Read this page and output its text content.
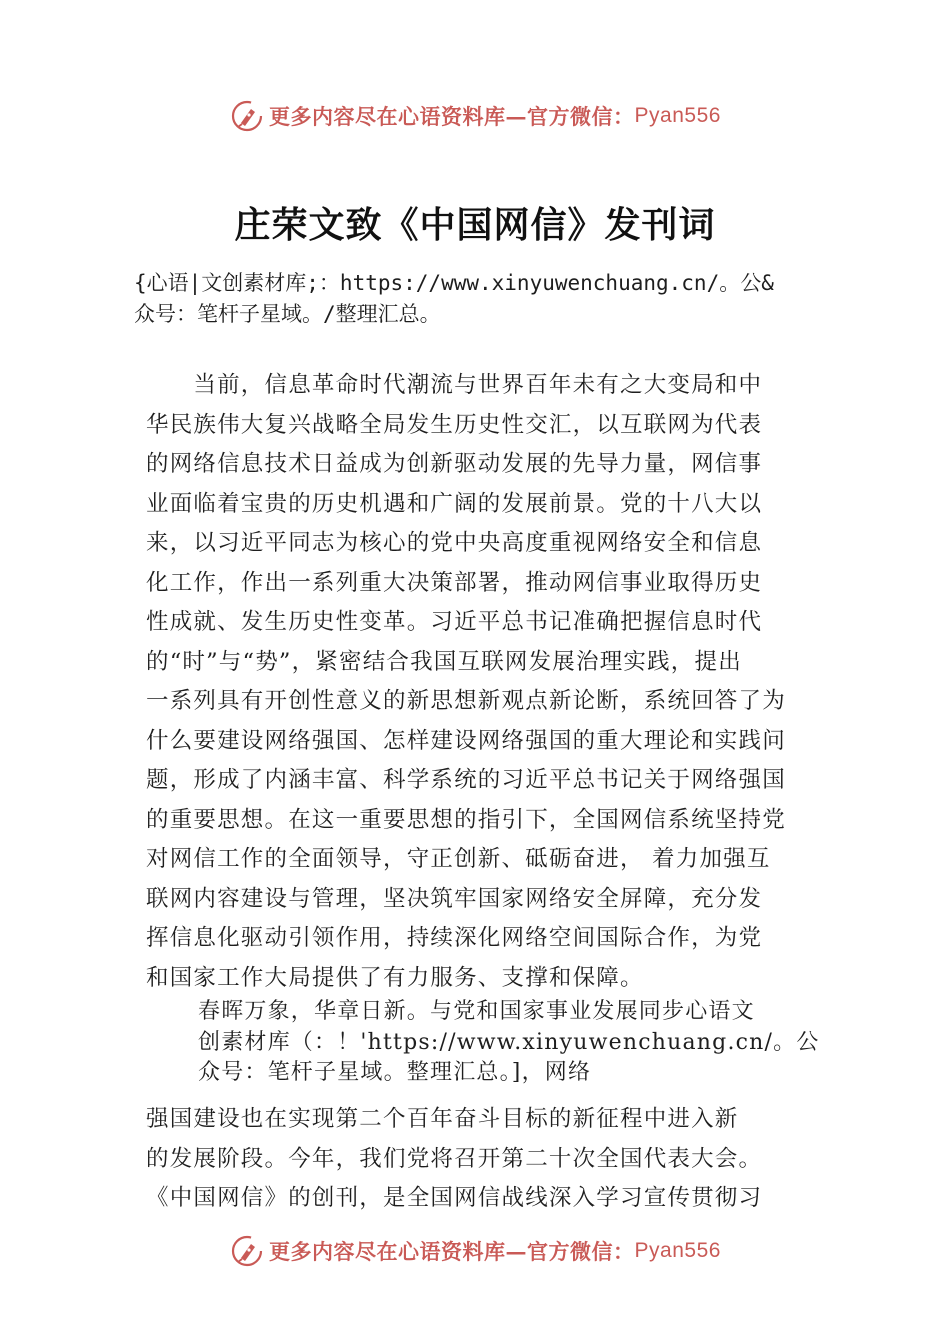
更多内容尽在心语资料库—官方微信： Pyan556
庄荣文致《中国网信》发刊词
{心语|文创素材库;：https://www.xinyuwenchuang.cn/。公&
众号：笔杆子星域。/整理汇总。
　　当前，信息革命时代潮流与世界百年未有之大变局和中
华民族伟大复兴战略全局发生历史性交汇，以互联网为代表
的网络信息技术日益成为创新驱动发展的先导力量，网信事
业面临着宝贵的历史机遇和广阔的发展前景。党的十八大以
来，以习近平同志为核心的党中央高度重视网络安全和信息
化工作，作出一系列重大决策部署，推动网信事业取得历史
性成就、发生历史性变革。习近平总书记准确把握信息时代
的“时”与“势”，紧密结合我国互联网发展治理实践，提出
一系列具有开创性意义的新思想新观点新论断，系统回答了为
什么要建设网络强国、怎样建设网络强国的重大理论和实践问
题，形成了内涵丰富、科学系统的习近平总书记关于网络强国
的重要思想。在这一重要思想的指引下，全国网信系统坚持党
对网信工作的全面领导，守正创新、砥砺奋进， 着力加强互
联网内容建设与管理，坚决筑牢国家网络安全屏障，充分发
挥信息化驱动引领作用，持续深化网络空间国际合作，为党
和国家工作大局提供了有力服务、支撑和保障。
春晖万象，华章日新。与党和国家事业发展同步心语文
创素材库（：！'https://www.xinyuwenchuang.cn/。公
众号：笔杆子星域。整理汇总。]，网络
强国建设也在实现第二个百年奋斗目标的新征程中进入新
的发展阶段。今年，我们党将召开第二十次全国代表大会。
《中国网信》的创刊，是全国网信战线深入学习宣传贯彻习
更多内容尽在心语资料库—官方微信： Pyan556
